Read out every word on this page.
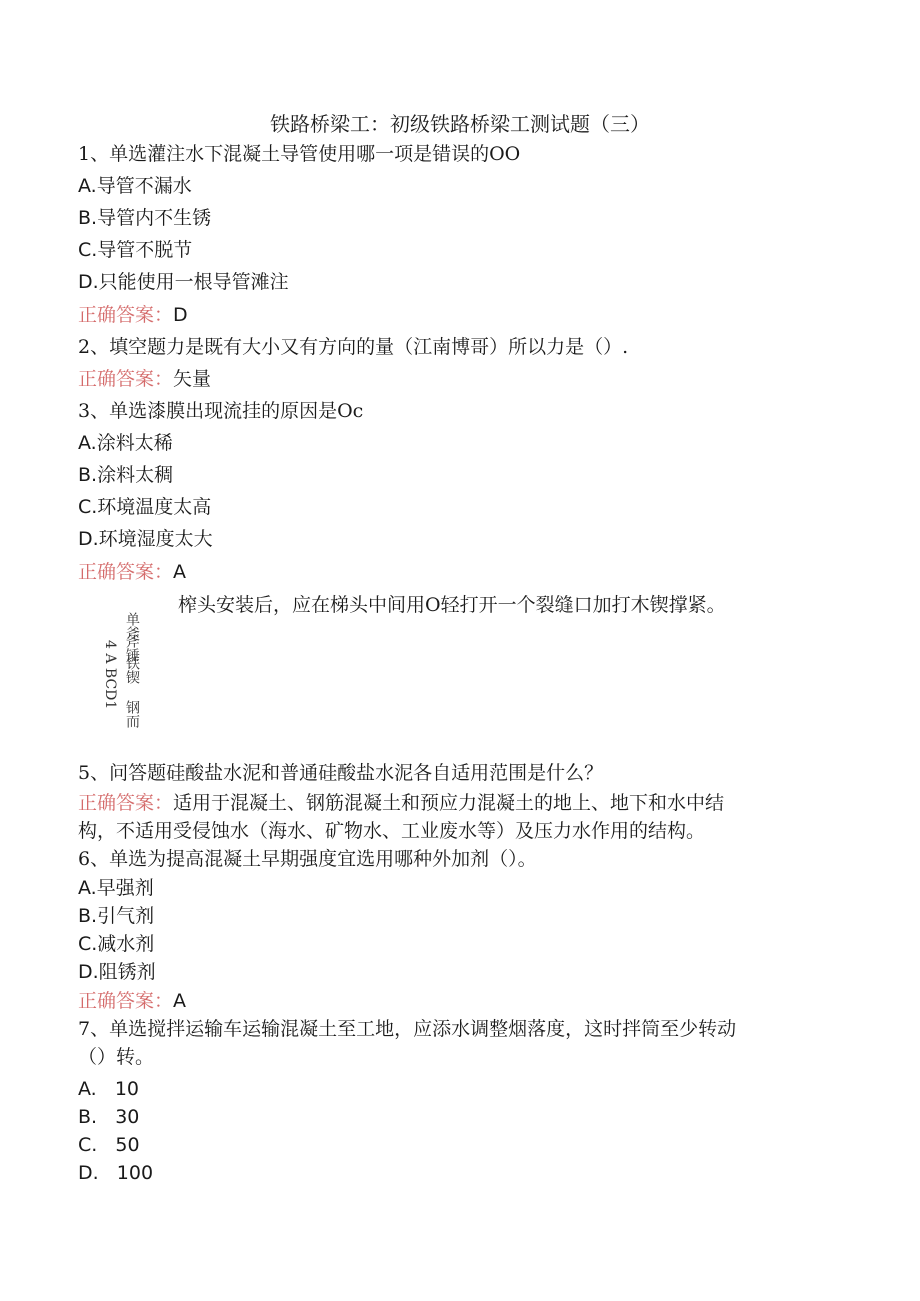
铁路桥梁工：初级铁路桥梁工测试题（三）
1、单选灌注水下混凝土导管使用哪一项是错误的OO
A.导管不漏水
B.导管内不生锈
C.导管不脱节
D.只能使用一根导管滩注
正确答案：D
2、填空题力是既有大小又有方向的量（江南博哥）所以力是（）.
正确答案：矢量
3、单选漆膜出现流挂的原因是Oc
A.涂料太稀
B.涂料太稠
C.环境温度太高
D.环境湿度太大
正确答案：A
榨头安装后，应在梯头中间用O轻打开一个裂缝口加打木锲撑紧。
单斧
斧锤
铁锲
4 A BCD1
钢而
5、问答题硅酸盐水泥和普通硅酸盐水泥各自适用范围是什么？
正确答案：适用于混凝土、钢筋混凝土和预应力混凝土的地上、地下和水中结
构，不适用受侵蚀水（海水、矿物水、工业废水等）及压力水作用的结构。
6、单选为提高混凝土早期强度宜选用哪种外加剂（）。
A.早强剂
B.引气剂
C.减水剂
D.阻锈剂
正确答案：A
7、单选搅拌运输车运输混凝土至工地，应添水调整烟落度，这时拌筒至少转动
（）转。
A.   10
B.   30
C.   50
D.   100
